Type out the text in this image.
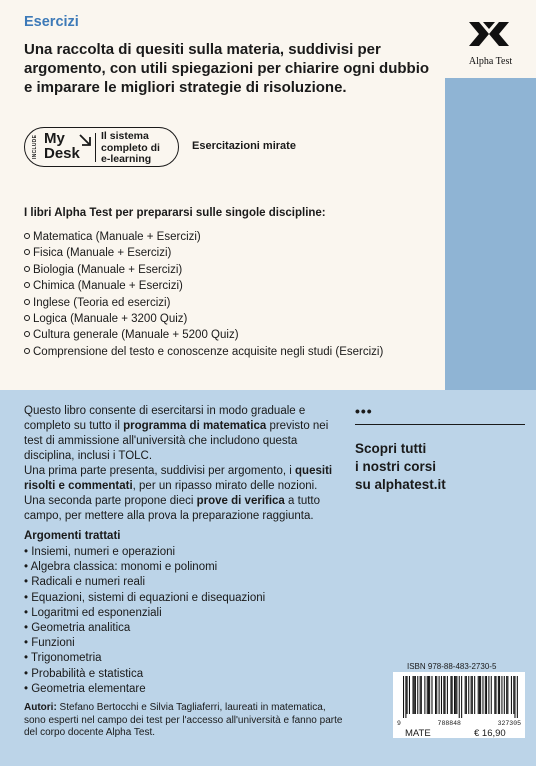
Alpha Test
Esercizi
Una raccolta di quesiti sulla materia, suddivisi per argomento, con utili spiegazioni per chiarire ogni dubbio e imparare le migliori strategie di risoluzione.
INCLUDE My
Desk
Il sistema
completo di
e-learning
Esercitazioni mirate
I libri Alpha Test per prepararsi sulle singole discipline:
Matematica (Manuale + Esercizi)
Fisica (Manuale + Esercizi)
Biologia (Manuale + Esercizi)
Chimica (Manuale + Esercizi)
Inglese (Teoria ed esercizi)
Logica (Manuale + 3200 Quiz)
Cultura generale (Manuale + 5200 Quiz)
Comprensione del testo e conoscenze acquisite negli studi (Esercizi)
Questo libro consente di esercitarsi in modo graduale e completo su tutto il programma di matematica previsto nei test di ammissione all'università che includono questa disciplina, inclusi i TOLC.
Una prima parte presenta, suddivisi per argomento, i quesiti risolti e commentati, per un ripasso mirato delle nozioni.
Una seconda parte propone dieci prove di verifica a tutto campo, per mettere alla prova la preparazione raggiunta.
Argomenti trattati
• Insiemi, numeri e operazioni
• Algebra classica: monomi e polinomi
• Radicali e numeri reali
• Equazioni, sistemi di equazioni e disequazioni
• Logaritmi ed esponenziali
• Geometria analitica
• Funzioni
• Trigonometria
• Probabilità e statistica
• Geometria elementare
Autori: Stefano Bertocchi e Silvia Tagliaferri, laureati in matematica, sono esperti nel campo dei test per l'accesso all'università e fanno parte del corpo docente Alpha Test.
•••
Scopri tutti
i nostri corsi
su alphatest.it
ISBN 978-88-483-2730-5
9	788848	327305
MATE	€ 16,90
